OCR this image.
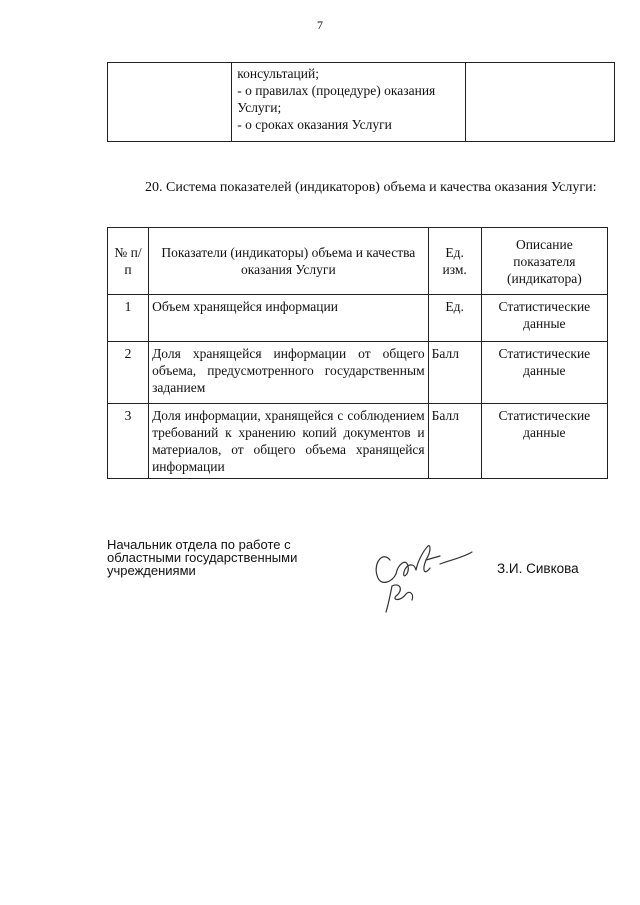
7

консультаций;
- о правилах (процедуре) оказания
Услуги;
- о сроках оказания Услуги

20. Система показателей (индикаторов) объема и качества оказания Услуги:
№ п/п	Показатели (индикаторы) объема и качества оказания Услуги	Ед. изм.	Описание показателя (индикатора)
1	Объем хранящейся информации	Ед.	Статистические данные
2	Доля хранящейся информации от общего объема, предусмотренного государственным заданием	Балл	Статистические данные
3	Доля информации, хранящейся с соблюдением требований к хранению копий документов и материалов, от общего объема хранящейся информации	Балл	Статистические данные
Начальник отдела по работе с
областными государственными
учреждениями	З.И. Сивкова
